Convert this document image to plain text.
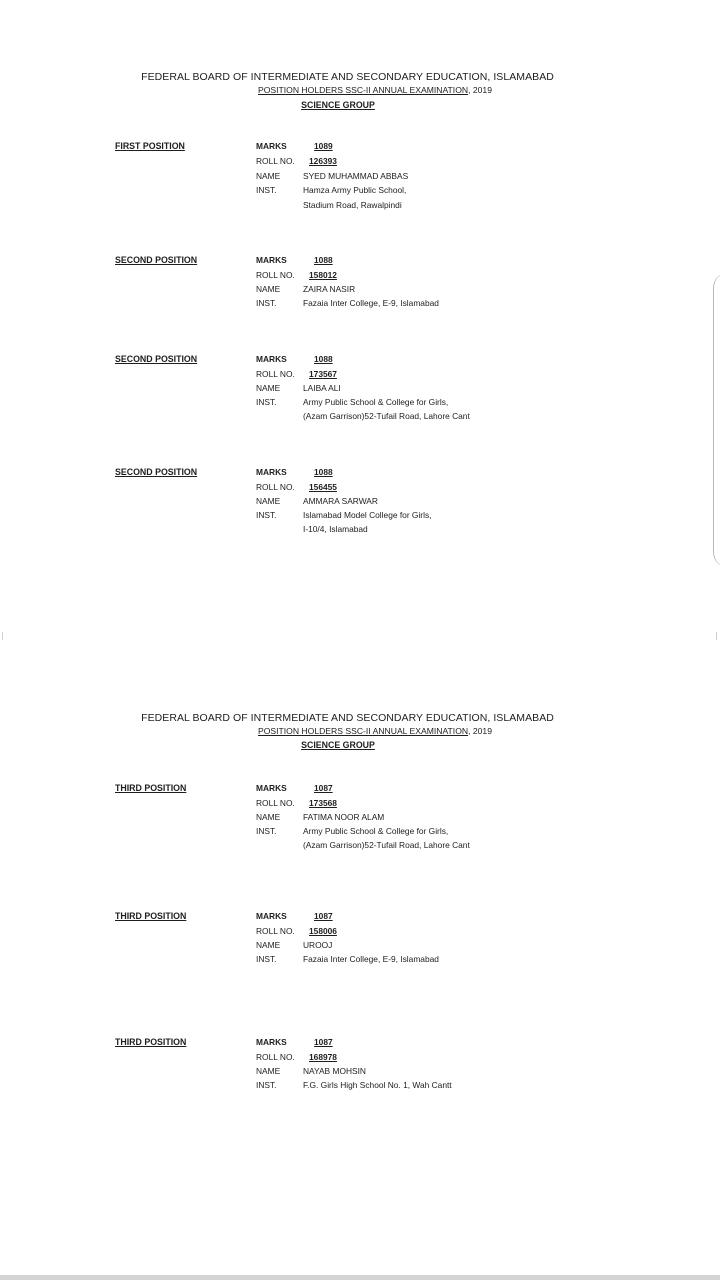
FEDERAL BOARD OF INTERMEDIATE AND SECONDARY EDUCATION, ISLAMABAD
POSITION HOLDERS SSC-II ANNUAL EXAMINATION, 2019
SCIENCE GROUP
FIRST POSITION	MARKS	1089
ROLL NO. 126393
NAME	SYED MUHAMMAD ABBAS
INST.	Hamza Army Public School,
Stadium Road, Rawalpindi
SECOND POSITION	MARKS	1088
ROLL NO. 158012
NAME	ZAIRA NASIR
INST.	Fazaia Inter College, E-9, Islamabad
SECOND POSITION	MARKS	1088
ROLL NO. 173567
NAME	LAIBA ALI
INST.	Army Public School & College for Girls,
(Azam Garrison)52-Tufail Road, Lahore Cant
SECOND POSITION	MARKS	1088
ROLL NO. 156455
NAME	AMMARA SARWAR
INST.	Islamabad Model College for Girls,
I-10/4, Islamabad
FEDERAL BOARD OF INTERMEDIATE AND SECONDARY EDUCATION, ISLAMABAD
POSITION HOLDERS SSC-II ANNUAL EXAMINATION, 2019
SCIENCE GROUP
THIRD POSITION	MARKS	1087
ROLL NO. 173568
NAME	FATIMA NOOR ALAM
INST.	Army Public School & College for Girls,
(Azam Garrison)52-Tufail Road, Lahore Cant
THIRD POSITION	MARKS	1087
ROLL NO. 158006
NAME	UROOJ
INST.	Fazaia Inter College, E-9, Islamabad
THIRD POSITION	MARKS	1087
ROLL NO. 168978
NAME	NAYAB MOHSIN
INST.	F.G. Girls High School No. 1, Wah Cantt
